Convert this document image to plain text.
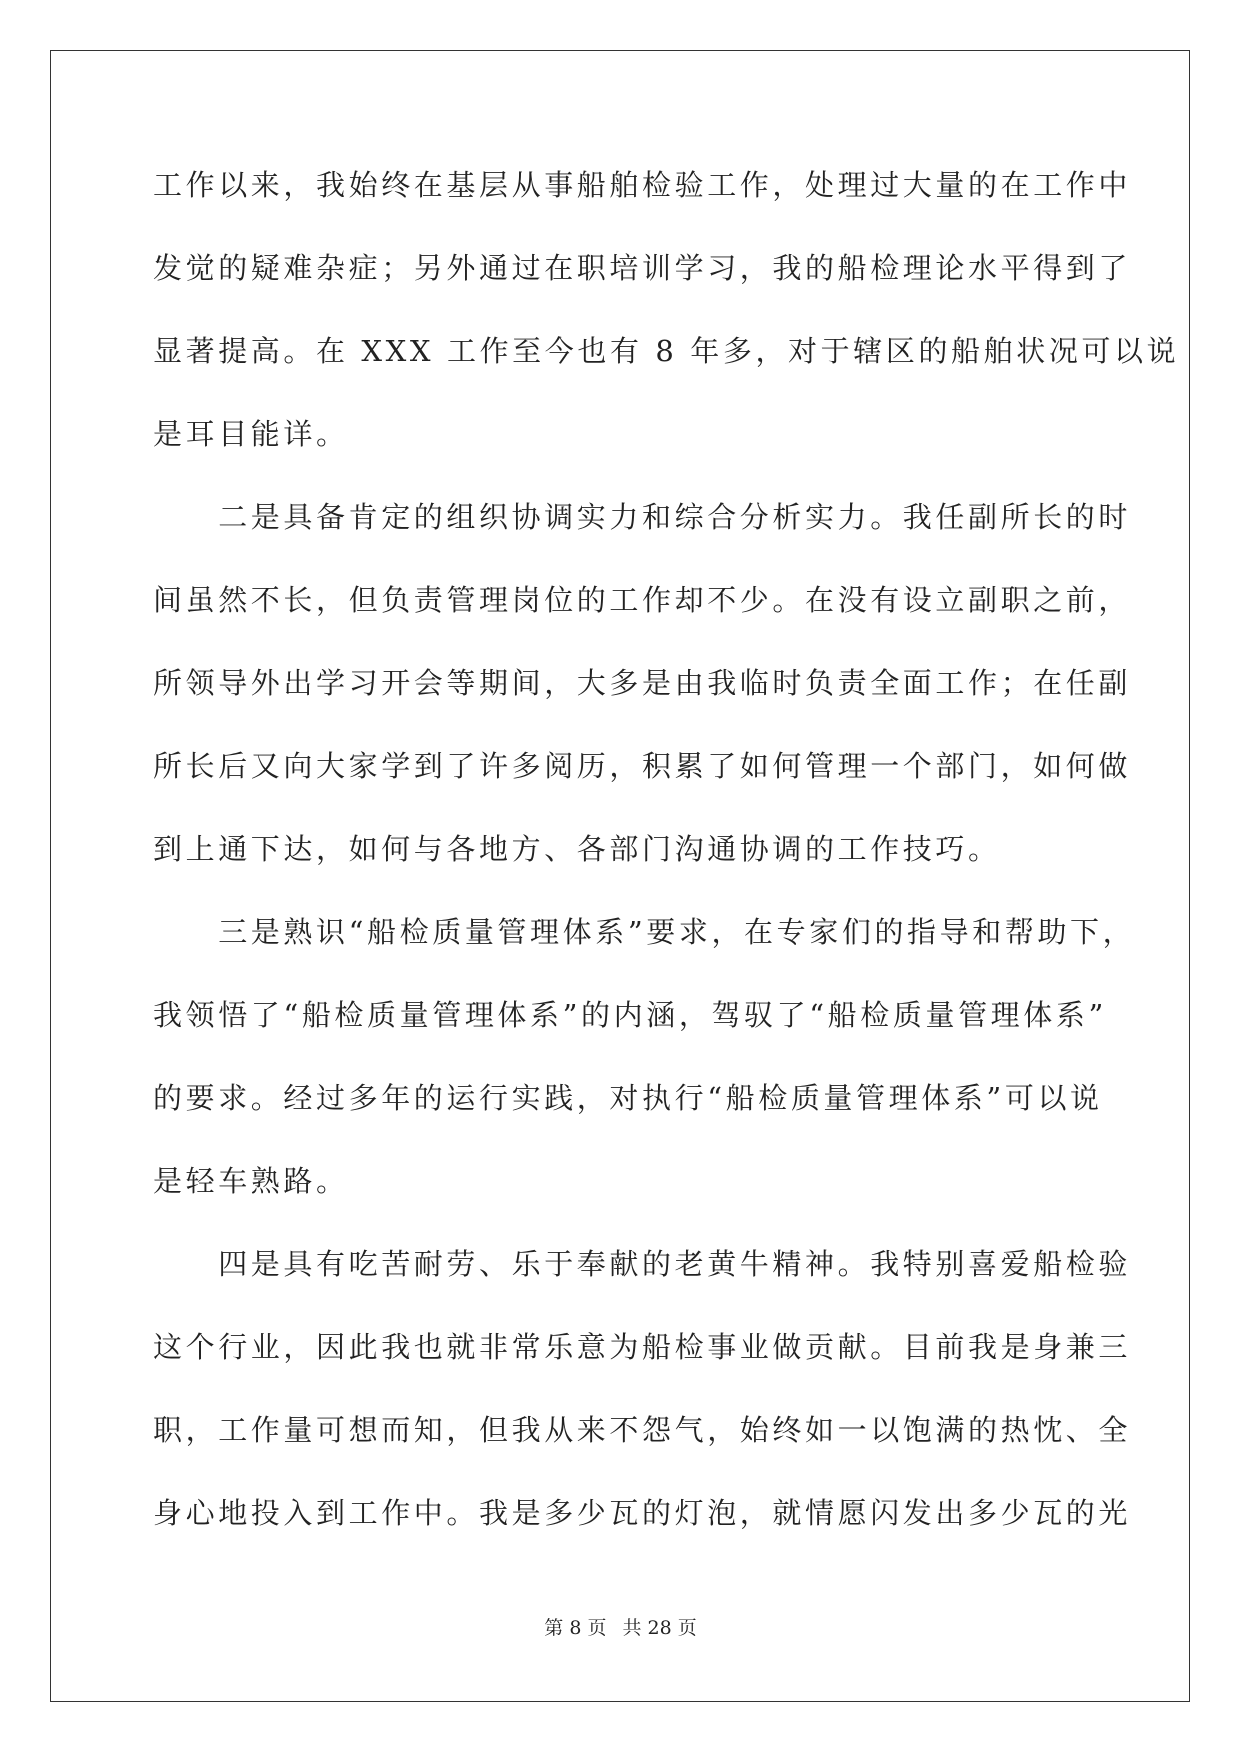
工作以来，我始终在基层从事船舶检验工作，处理过大量的在工作中
发觉的疑难杂症；另外通过在职培训学习，我的船检理论水平得到了
显著提高。在 XXX 工作至今也有 8 年多，对于辖区的船舶状况可以说
是耳目能详。
　　二是具备肯定的组织协调实力和综合分析实力。我任副所长的时
间虽然不长，但负责管理岗位的工作却不少。在没有设立副职之前，
所领导外出学习开会等期间，大多是由我临时负责全面工作；在任副
所长后又向大家学到了许多阅历，积累了如何管理一个部门，如何做
到上通下达，如何与各地方、各部门沟通协调的工作技巧。
　　三是熟识“船检质量管理体系”要求，在专家们的指导和帮助下，
我领悟了“船检质量管理体系”的内涵，驾驭了“船检质量管理体系”
的要求。经过多年的运行实践，对执行“船检质量管理体系”可以说
是轻车熟路。
　　四是具有吃苦耐劳、乐于奉献的老黄牛精神。我特别喜爱船检验
这个行业，因此我也就非常乐意为船检事业做贡献。目前我是身兼三
职，工作量可想而知，但我从来不怨气，始终如一以饱满的热忱、全
身心地投入到工作中。我是多少瓦的灯泡，就情愿闪发出多少瓦的光
第 8 页 共 28 页
